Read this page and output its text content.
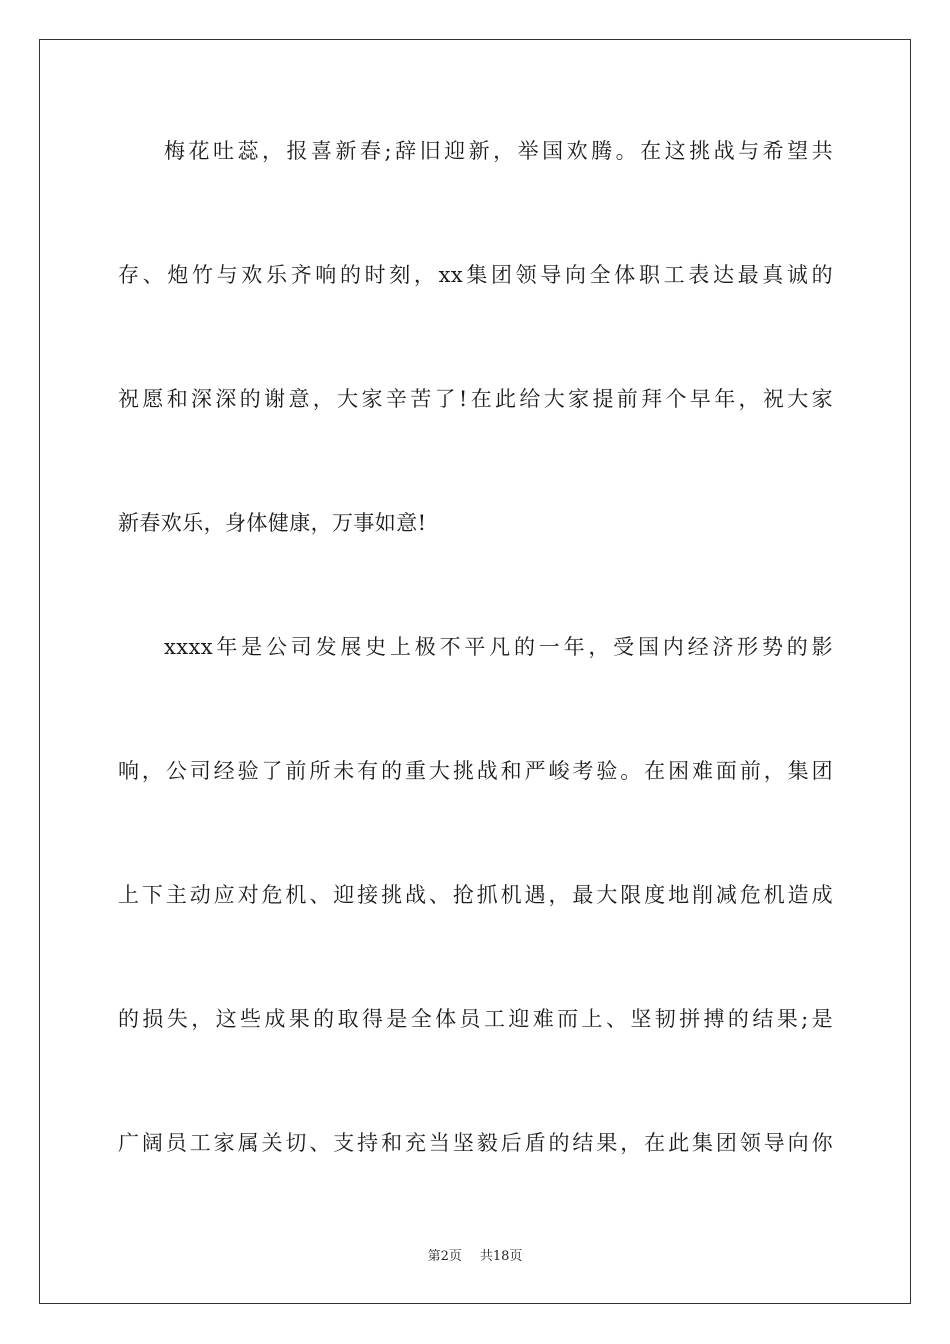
梅花吐蕊，报喜新春;辞旧迎新，举国欢腾。在这挑战与希望共
存、炮竹与欢乐齐响的时刻，xx集团领导向全体职工表达最真诚的
祝愿和深深的谢意，大家辛苦了!在此给大家提前拜个早年，祝大家
新春欢乐，身体健康，万事如意!
xxxx年是公司发展史上极不平凡的一年，受国内经济形势的影
响，公司经验了前所未有的重大挑战和严峻考验。在困难面前，集团
上下主动应对危机、迎接挑战、抢抓机遇，最大限度地削减危机造成
的损失，这些成果的取得是全体员工迎难而上、坚韧拼搏的结果;是
广阔员工家属关切、支持和充当坚毅后盾的结果，在此集团领导向你
第2页 共18页
